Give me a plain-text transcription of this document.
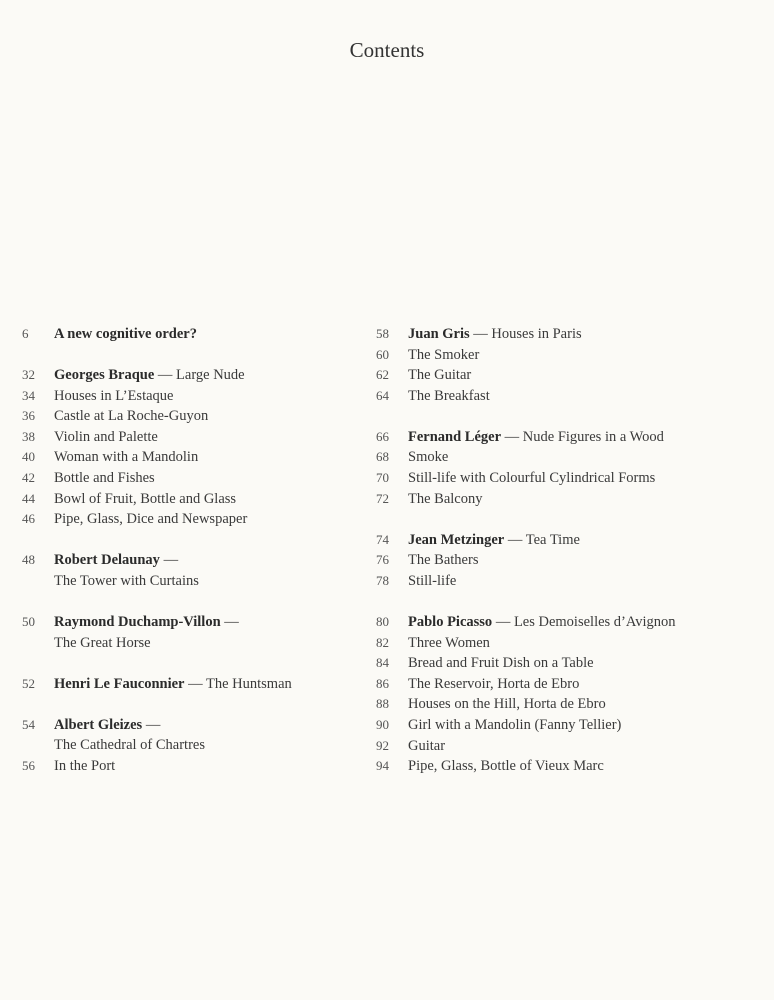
Contents
6	A new cognitive order?
32	Georges Braque — Large Nude
34	Houses in L’Estaque
36	Castle at La Roche-Guyon
38	Violin and Palette
40	Woman with a Mandolin
42	Bottle and Fishes
44	Bowl of Fruit, Bottle and Glass
46	Pipe, Glass, Dice and Newspaper
48	Robert Delaunay —
The Tower with Curtains
50	Raymond Duchamp-Villon —
The Great Horse
52	Henri Le Fauconnier — The Huntsman
54	Albert Gleizes —
The Cathedral of Chartres
56	In the Port
58	Juan Gris — Houses in Paris
60	The Smoker
62	The Guitar
64	The Breakfast
66	Fernand Léger — Nude Figures in a Wood
68	Smoke
70	Still-life with Colourful Cylindrical Forms
72	The Balcony
74	Jean Metzinger — Tea Time
76	The Bathers
78	Still-life
80	Pablo Picasso — Les Demoiselles d’Avignon
82	Three Women
84	Bread and Fruit Dish on a Table
86	The Reservoir, Horta de Ebro
88	Houses on the Hill, Horta de Ebro
90	Girl with a Mandolin (Fanny Tellier)
92	Guitar
94	Pipe, Glass, Bottle of Vieux Marc
